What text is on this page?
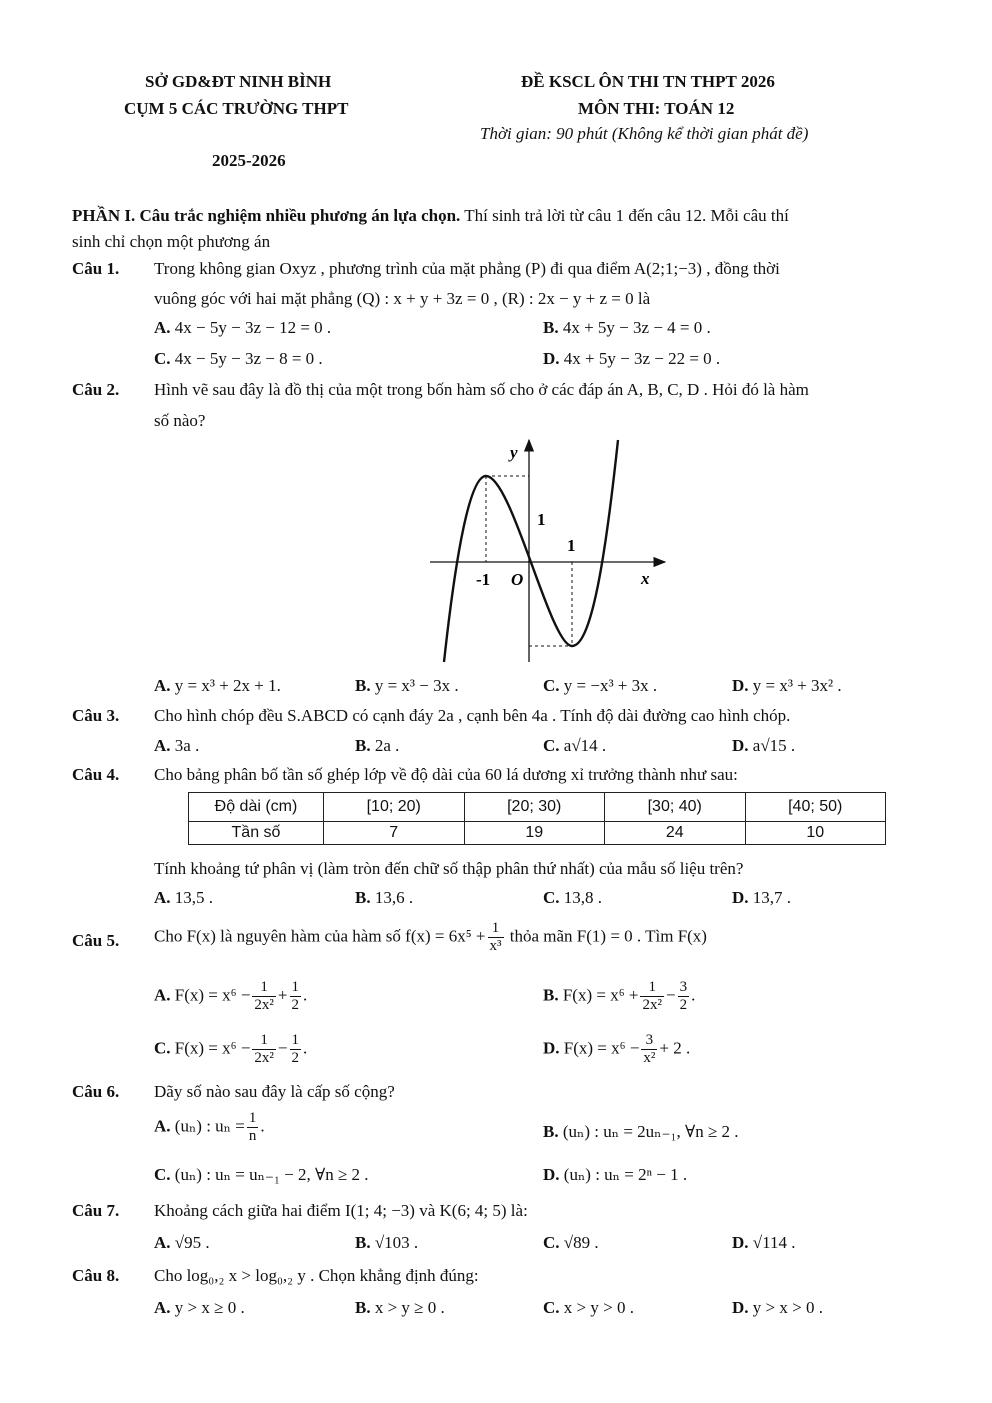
SỞ GD&ĐT NINH BÌNH
CỤM 5 CÁC TRƯỜNG THPT
2025-2026
ĐỀ KSCL ÔN THI TN THPT 2026
MÔN THI: TOÁN 12
Thời gian: 90 phút (Không kể thời gian phát đề)
PHẦN I. Câu trắc nghiệm nhiều phương án lựa chọn. Thí sinh trả lời từ câu 1 đến câu 12. Mỗi câu thí
sinh chỉ chọn một phương án
Câu 1. Trong không gian Oxyz , phương trình của mặt phẳng (P) đi qua điểm A(2;1;−3) , đồng thời
vuông góc với hai mặt phẳng (Q) : x + y + 3z = 0 , (R) : 2x − y + z = 0 là
A. 4x − 5y − 3z − 12 = 0 .	B. 4x + 5y − 3z − 4 = 0 .
C. 4x − 5y − 3z − 8 = 0 .	D. 4x + 5y − 3z − 22 = 0 .
Câu 2. Hình vẽ sau đây là đồ thị của một trong bốn hàm số cho ở các đáp án A, B, C, D . Hỏi đó là hàm
số nào?
y
x
O
-1
1
1
A. y = x³ + 2x + 1.	B. y = x³ − 3x .	C. y = −x³ + 3x .	D. y = x³ + 3x² .
Câu 3. Cho hình chóp đều S.ABCD có cạnh đáy 2a , cạnh bên 4a . Tính độ dài đường cao hình chóp.
A. 3a .	B. 2a .	C. a√14 .	D. a√15 .
Câu 4. Cho bảng phân bố tần số ghép lớp về độ dài của 60 lá dương xỉ trưởng thành như sau:
Độ dài (cm)	[10; 20)	[20; 30)	[30; 40)	[40; 50)
Tần số	7	19	24	10
Tính khoảng tứ phân vị (làm tròn đến chữ số thập phân thứ nhất) của mẫu số liệu trên?
A. 13,5 .	B. 13,6 .	C. 13,8 .	D. 13,7 .
Câu 5. Cho F(x) là nguyên hàm của hàm số $f(x) = 6x^5 + \frac{1}{\text{x³}}$ thỏa mãn F(1) = 0 . Tìm F(x)
A. $F(x) = x^6 - \frac{1}{\text{2x²}} + \frac{1}{2}$ .	B. $F(x) = x^6 + \frac{1}{\text{2x²}} - \frac{3}{2}$ .
C. $F(x) = x^6 - \frac{1}{\text{2x²}} - \frac{1}{2}$ .	D. $F(x) = x^6 - \frac{3}{\text{x²}} + 2$ .
Câu 6. Dãy số nào sau đây là cấp số cộng?
A. (uₙ) : $u_n = \frac{1}{n}$ .	B. (uₙ) : uₙ = 2uₙ₋₁, ∀n ≥ 2 .
C. (uₙ) : uₙ = uₙ₋₁ − 2, ∀n ≥ 2 .	D. (uₙ) : uₙ = 2ⁿ − 1 .
Câu 7. Khoảng cách giữa hai điểm I(1; 4; −3) và K(6; 4; 5) là:
A. √95 .	B. √103 .	C. √89 .	D. √114 .
Câu 8. Cho log₀,₂ x > log₀,₂ y . Chọn khẳng định đúng:
A. y > x ≥ 0 .	B. x > y ≥ 0 .	C. x > y > 0 .	D. y > x > 0 .
